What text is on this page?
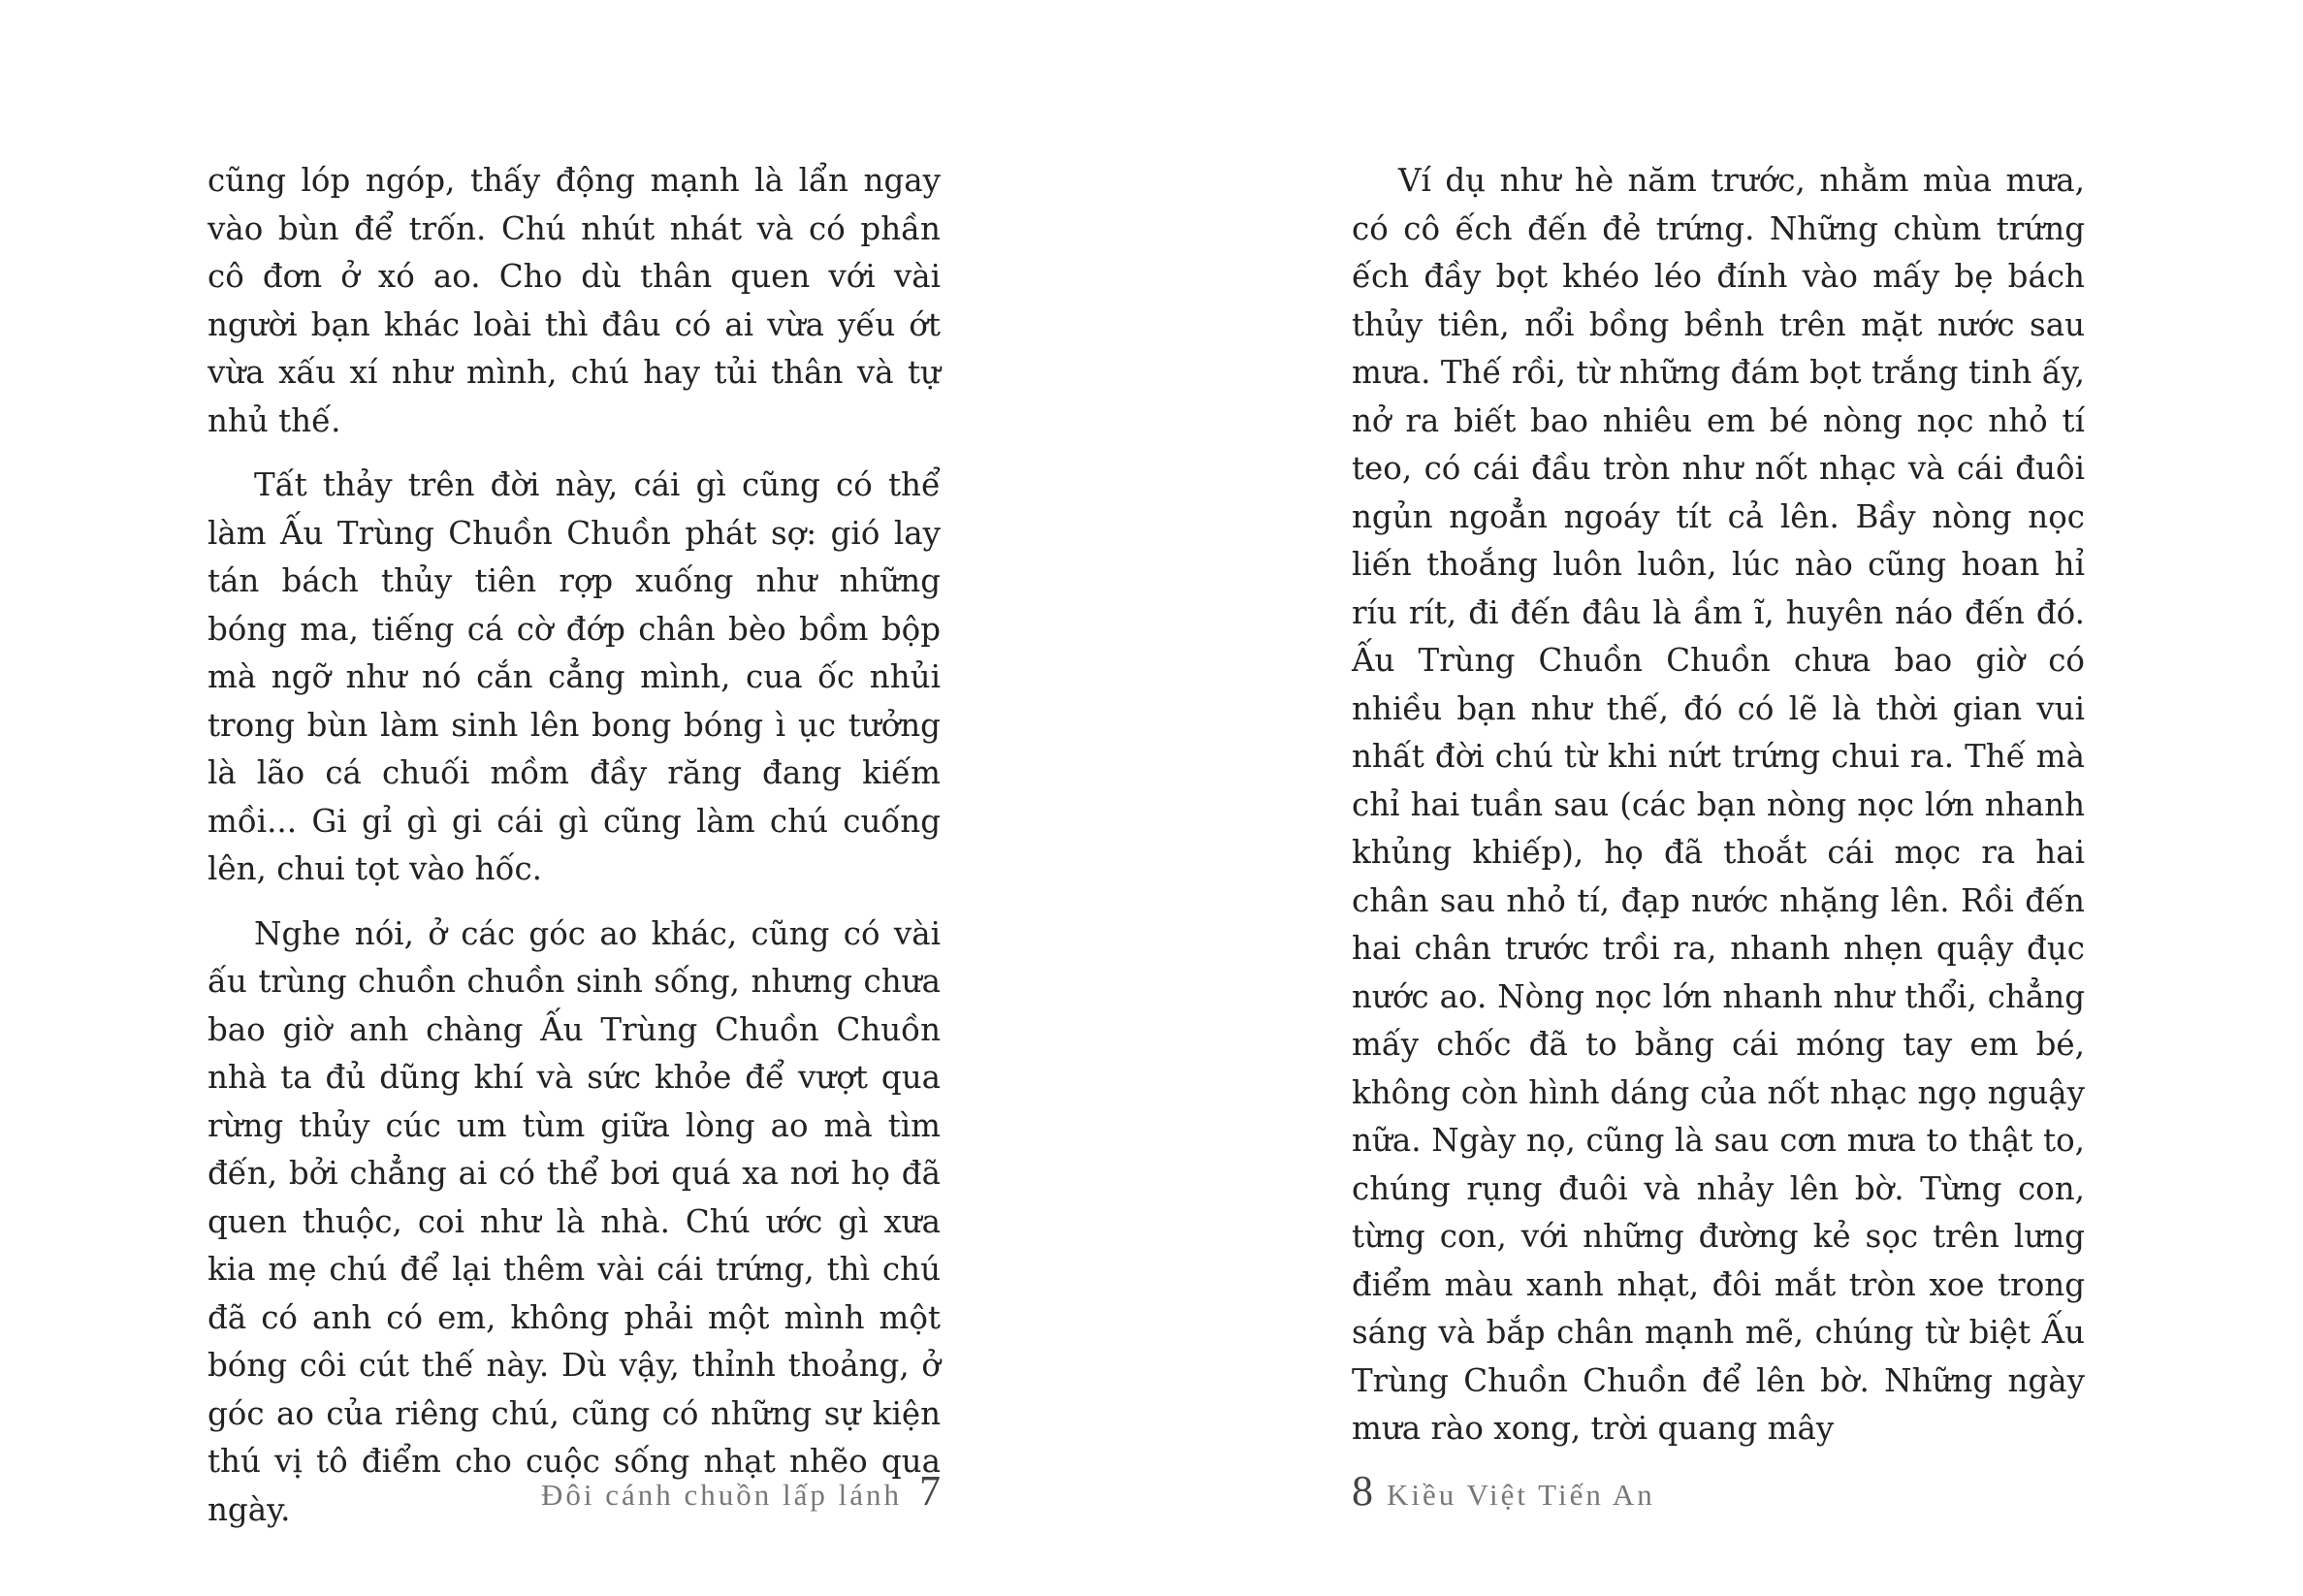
cũng lóp ngóp, thấy động mạnh là lẩn ngay vào bùn để trốn. Chú nhút nhát và có phần cô đơn ở xó ao. Cho dù thân quen với vài người bạn khác loài thì đâu có ai vừa yếu ớt vừa xấu xí như mình, chú hay tủi thân và tự nhủ thế.

Tất thảy trên đời này, cái gì cũng có thể làm Ấu Trùng Chuồn Chuồn phát sợ: gió lay tán bách thủy tiên rợp xuống như những bóng ma, tiếng cá cờ đớp chân bèo bồm bộp mà ngỡ như nó cắn cẳng mình, cua ốc nhủi trong bùn làm sinh lên bong bóng ì ục tưởng là lão cá chuối mồm đầy răng đang kiếm mồi... Gi gỉ gì gi cái gì cũng làm chú cuống lên, chui tọt vào hốc.

Nghe nói, ở các góc ao khác, cũng có vài ấu trùng chuồn chuồn sinh sống, nhưng chưa bao giờ anh chàng Ấu Trùng Chuồn Chuồn nhà ta đủ dũng khí và sức khỏe để vượt qua rừng thủy cúc um tùm giữa lòng ao mà tìm đến, bởi chẳng ai có thể bơi quá xa nơi họ đã quen thuộc, coi như là nhà. Chú ước gì xưa kia mẹ chú để lại thêm vài cái trứng, thì chú đã có anh có em, không phải một mình một bóng côi cút thế này. Dù vậy, thỉnh thoảng, ở góc ao của riêng chú, cũng có những sự kiện thú vị tô điểm cho cuộc sống nhạt nhẽo qua ngày.	Đôi cánh chuồn lấp lánh 7

Ví dụ như hè năm trước, nhằm mùa mưa, có cô ếch đến đẻ trứng. Những chùm trứng ếch đầy bọt khéo léo đính vào mấy bẹ bách thủy tiên, nổi bồng bềnh trên mặt nước sau mưa. Thế rồi, từ những đám bọt trắng tinh ấy, nở ra biết bao nhiêu em bé nòng nọc nhỏ tí teo, có cái đầu tròn như nốt nhạc và cái đuôi ngủn ngoẳn ngoáy tít cả lên. Bầy nòng nọc liến thoắng luôn luôn, lúc nào cũng hoan hỉ ríu rít, đi đến đâu là ầm ĩ, huyên náo đến đó. Ấu Trùng Chuồn Chuồn chưa bao giờ có nhiều bạn như thế, đó có lẽ là thời gian vui nhất đời chú từ khi nứt trứng chui ra. Thế mà chỉ hai tuần sau (các bạn nòng nọc lớn nhanh khủng khiếp), họ đã thoắt cái mọc ra hai chân sau nhỏ tí, đạp nước nhặng lên. Rồi đến hai chân trước trồi ra, nhanh nhẹn quậy đục nước ao. Nòng nọc lớn nhanh như thổi, chẳng mấy chốc đã to bằng cái móng tay em bé, không còn hình dáng của nốt nhạc ngọ nguậy nữa. Ngày nọ, cũng là sau cơn mưa to thật to, chúng rụng đuôi và nhảy lên bờ. Từng con, từng con, với những đường kẻ sọc trên lưng điểm màu xanh nhạt, đôi mắt tròn xoe trong sáng và bắp chân mạnh mẽ, chúng từ biệt Ấu Trùng Chuồn Chuồn để lên bờ. Những ngày mưa rào xong, trời quang mây

8 Kiều Việt Tiến An
